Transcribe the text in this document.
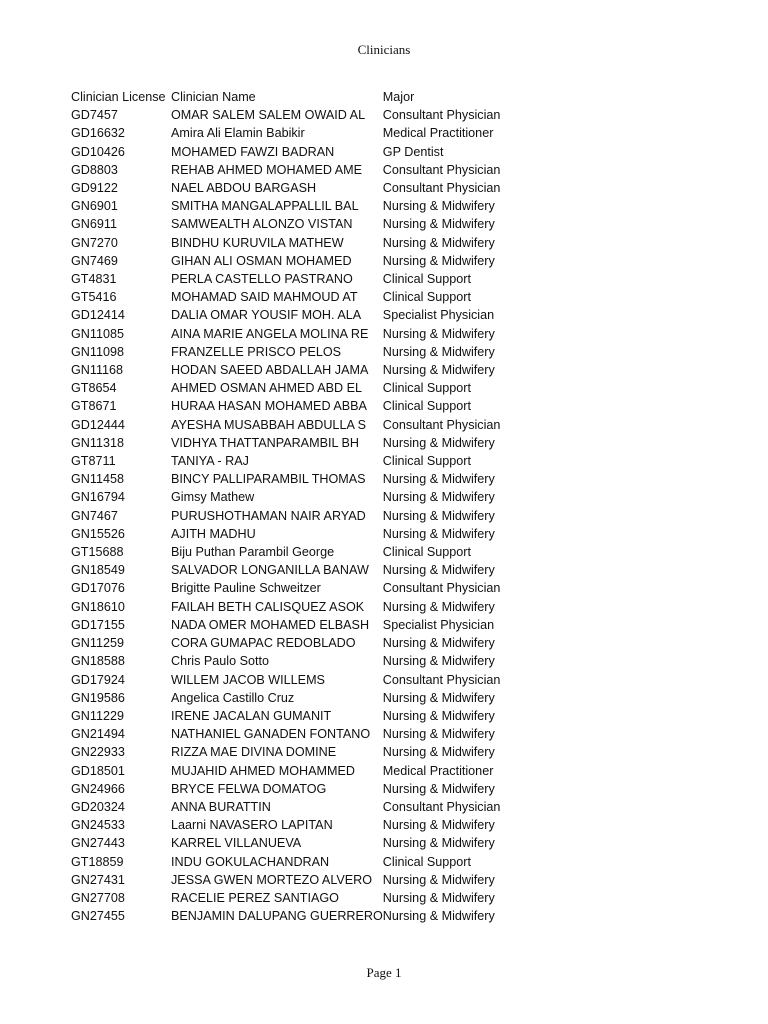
Clinicians
Clinician License	Clinician Name	Major
GD7457	OMAR SALEM SALEM OWAID AL	Consultant Physician
GD16632	Amira Ali Elamin Babikir	Medical Practitioner
GD10426	MOHAMED FAWZI BADRAN	GP Dentist
GD8803	REHAB AHMED MOHAMED AME	Consultant Physician
GD9122	NAEL ABDOU BARGASH	Consultant Physician
GN6901	SMITHA MANGALAPPALLIL BAL	Nursing & Midwifery
GN6911	SAMWEALTH ALONZO VISTAN	Nursing & Midwifery
GN7270	BINDHU KURUVILA MATHEW	Nursing & Midwifery
GN7469	GIHAN ALI OSMAN MOHAMED	Nursing & Midwifery
GT4831	PERLA CASTELLO PASTRANO	Clinical Support
GT5416	MOHAMAD SAID MAHMOUD AT	Clinical Support
GD12414	DALIA OMAR YOUSIF MOH. ALA	Specialist Physician
GN11085	AINA MARIE ANGELA MOLINA RE	Nursing & Midwifery
GN11098	FRANZELLE PRISCO PELOS	Nursing & Midwifery
GN11168	HODAN SAEED ABDALLAH JAMA	Nursing & Midwifery
GT8654	AHMED OSMAN AHMED ABD EL	Clinical Support
GT8671	HURAA HASAN MOHAMED ABBA	Clinical Support
GD12444	AYESHA MUSABBAH ABDULLA S	Consultant Physician
GN11318	VIDHYA THATTANPARAMBIL BH	Nursing & Midwifery
GT8711	TANIYA - RAJ	Clinical Support
GN11458	BINCY PALLIPARAMBIL THOMAS	Nursing & Midwifery
GN16794	Gimsy Mathew	Nursing & Midwifery
GN7467	PURUSHOTHAMAN NAIR ARYAD	Nursing & Midwifery
GN15526	AJITH MADHU	Nursing & Midwifery
GT15688	Biju Puthan Parambil George	Clinical Support
GN18549	SALVADOR LONGANILLA BANAW	Nursing & Midwifery
GD17076	Brigitte Pauline Schweitzer	Consultant Physician
GN18610	FAILAH BETH CALISQUEZ ASOK	Nursing & Midwifery
GD17155	NADA OMER MOHAMED ELBASH	Specialist Physician
GN11259	CORA GUMAPAC REDOBLADO	Nursing & Midwifery
GN18588	Chris Paulo Sotto	Nursing & Midwifery
GD17924	WILLEM JACOB WILLEMS	Consultant Physician
GN19586	Angelica Castillo Cruz	Nursing & Midwifery
GN11229	IRENE JACALAN GUMANIT	Nursing & Midwifery
GN21494	NATHANIEL GANADEN FONTANO	Nursing & Midwifery
GN22933	RIZZA MAE DIVINA DOMINE	Nursing & Midwifery
GD18501	MUJAHID AHMED MOHAMMED	Medical Practitioner
GN24966	BRYCE FELWA DOMATOG	Nursing & Midwifery
GD20324	ANNA BURATTIN	Consultant Physician
GN24533	Laarni NAVASERO LAPITAN	Nursing & Midwifery
GN27443	KARREL VILLANUEVA	Nursing & Midwifery
GT18859	INDU GOKULACHANDRAN	Clinical Support
GN27431	JESSA GWEN MORTEZO ALVERO	Nursing & Midwifery
GN27708	RACELIE PEREZ SANTIAGO	Nursing & Midwifery
GN27455	BENJAMIN DALUPANG GUERRERO	Nursing & Midwifery
Page 1
